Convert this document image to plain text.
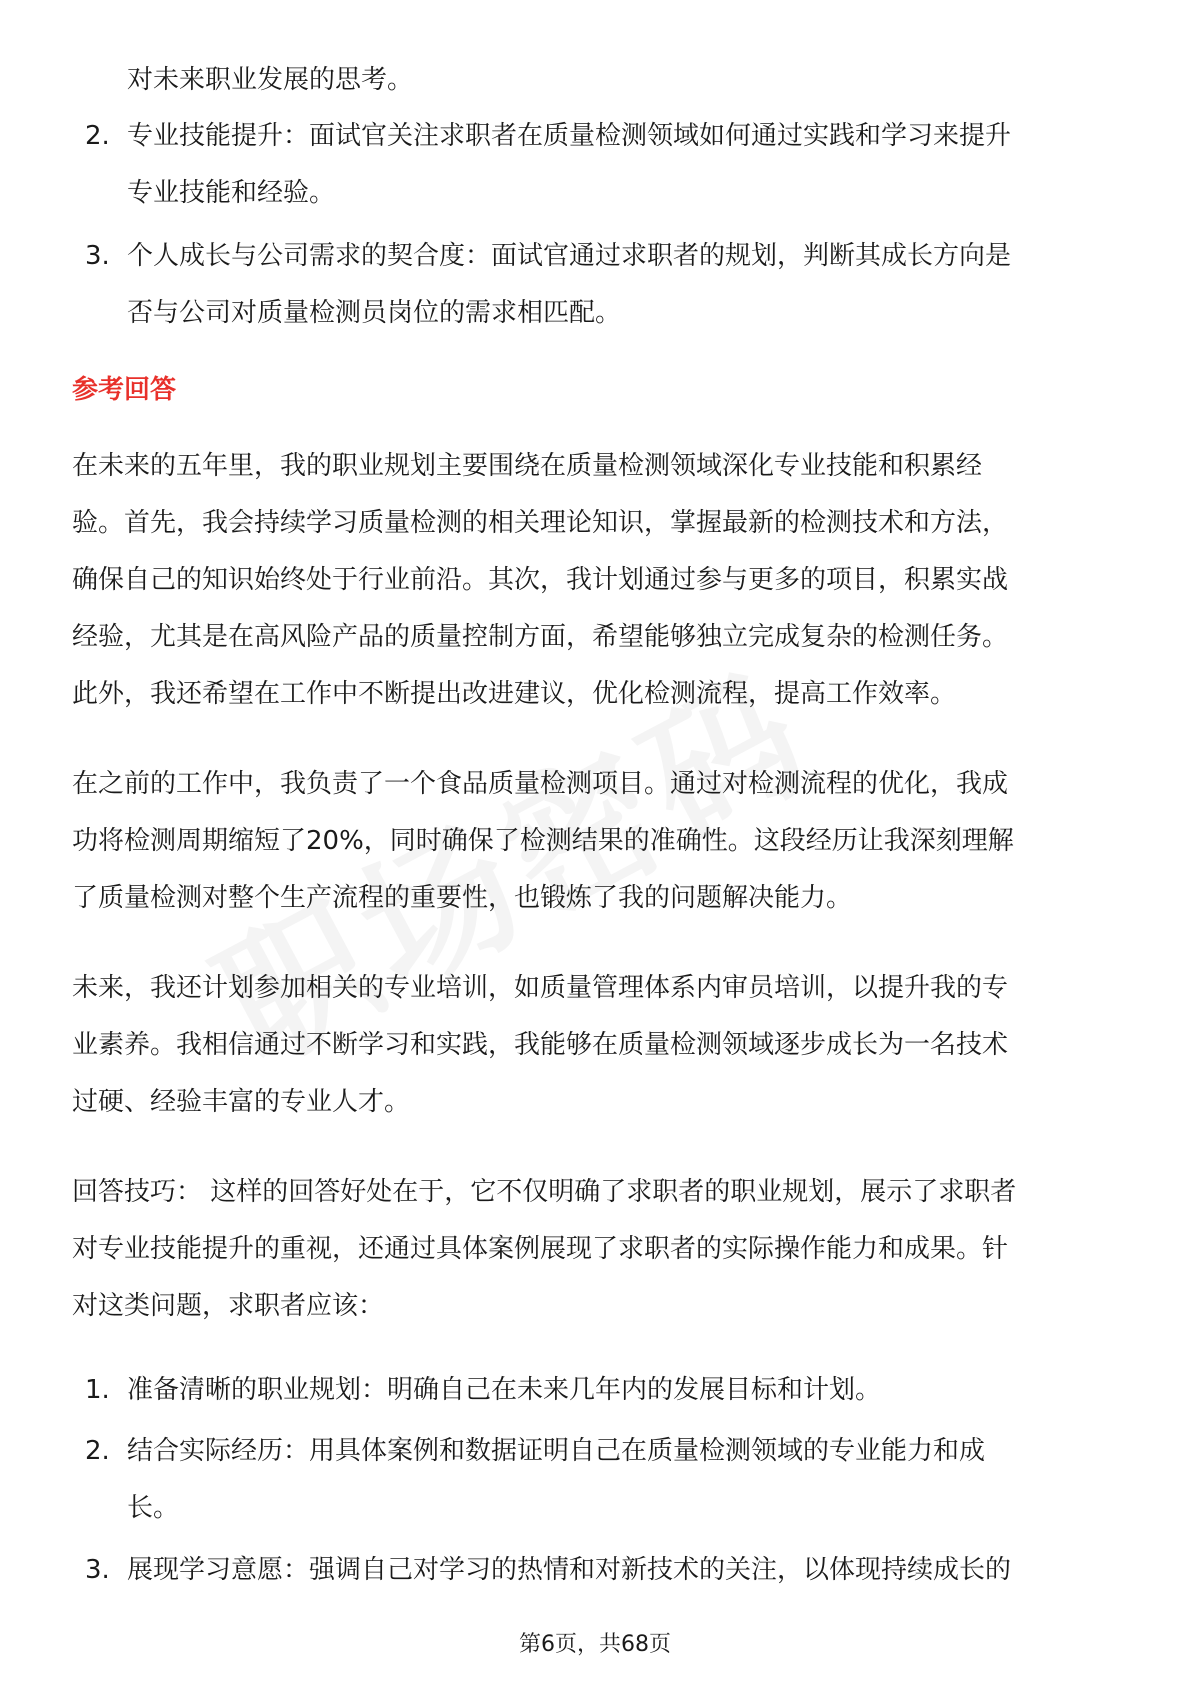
对未来职业发展的思考。
2. 专业技能提升：面试官关注求职者在质量检测领域如何通过实践和学习来提升
专业技能和经验。
3. 个人成长与公司需求的契合度：面试官通过求职者的规划，判断其成长方向是
否与公司对质量检测员岗位的需求相匹配。
参考回答
在未来的五年里，我的职业规划主要围绕在质量检测领域深化专业技能和积累经
验。首先，我会持续学习质量检测的相关理论知识，掌握最新的检测技术和方法，
确保自己的知识始终处于行业前沿。其次，我计划通过参与更多的项目，积累实战
经验，尤其是在高风险产品的质量控制方面，希望能够独立完成复杂的检测任务。
此外，我还希望在工作中不断提出改进建议，优化检测流程，提高工作效率。
在之前的工作中，我负责了一个食品质量检测项目。通过对检测流程的优化，我成
功将检测周期缩短了20%，同时确保了检测结果的准确性。这段经历让我深刻理解
了质量检测对整个生产流程的重要性，也锻炼了我的问题解决能力。
未来，我还计划参加相关的专业培训，如质量管理体系内审员培训，以提升我的专
业素养。我相信通过不断学习和实践，我能够在质量检测领域逐步成长为一名技术
过硬、经验丰富的专业人才。
回答技巧： 这样的回答好处在于，它不仅明确了求职者的职业规划，展示了求职者
对专业技能提升的重视，还通过具体案例展现了求职者的实际操作能力和成果。针
对这类问题，求职者应该：
1. 准备清晰的职业规划：明确自己在未来几年内的发展目标和计划。
2. 结合实际经历：用具体案例和数据证明自己在质量检测领域的专业能力和成
长。
3. 展现学习意愿：强调自己对学习的热情和对新技术的关注，以体现持续成长的
第6页，共68页
